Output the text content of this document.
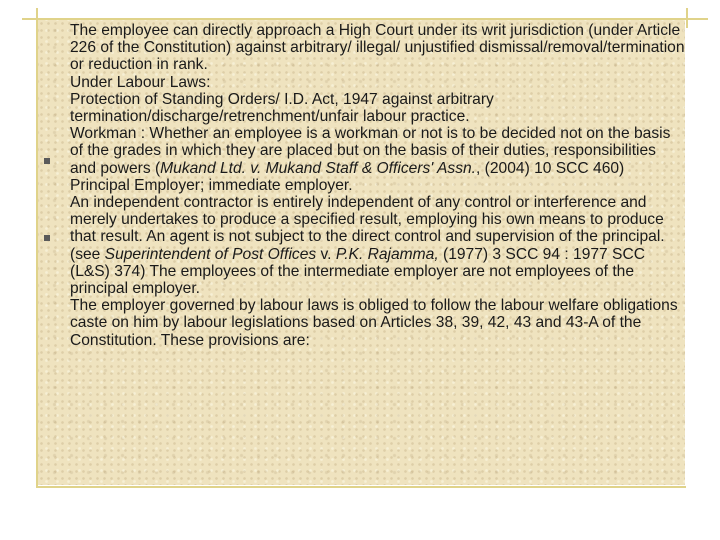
The employee can directly approach a High Court under its writ jurisdiction (under Article 226 of the Constitution) against arbitrary/ illegal/ unjustified dismissal/removal/termination or reduction in rank.

Under Labour Laws:

Protection of Standing Orders/ I.D. Act, 1947 against arbitrary termination/discharge/retrenchment/unfair labour practice.

Workman : Whether an employee is a workman or not is to be decided not on the basis of the grades in which they are placed but on the basis of their duties, responsibilities and powers (Mukand Ltd. v. Mukand Staff & Officers' Assn., (2004) 10 SCC 460)

Principal Employer; immediate employer.

An independent contractor is entirely independent of any control or interference and merely undertakes to produce a specified result, employing his own means to produce that result. An agent is not subject to the direct control and supervision of the principal. (see Superintendent of Post Offices v. P.K. Rajamma, (1977) 3 SCC 94 : 1977 SCC (L&S) 374) The employees of the intermediate employer are not employees of the principal employer.

The employer governed by labour laws is obliged to follow the labour welfare obligations caste on him by labour legislations based on Articles 38, 39, 42, 43 and 43-A of the Constitution. These provisions are:
